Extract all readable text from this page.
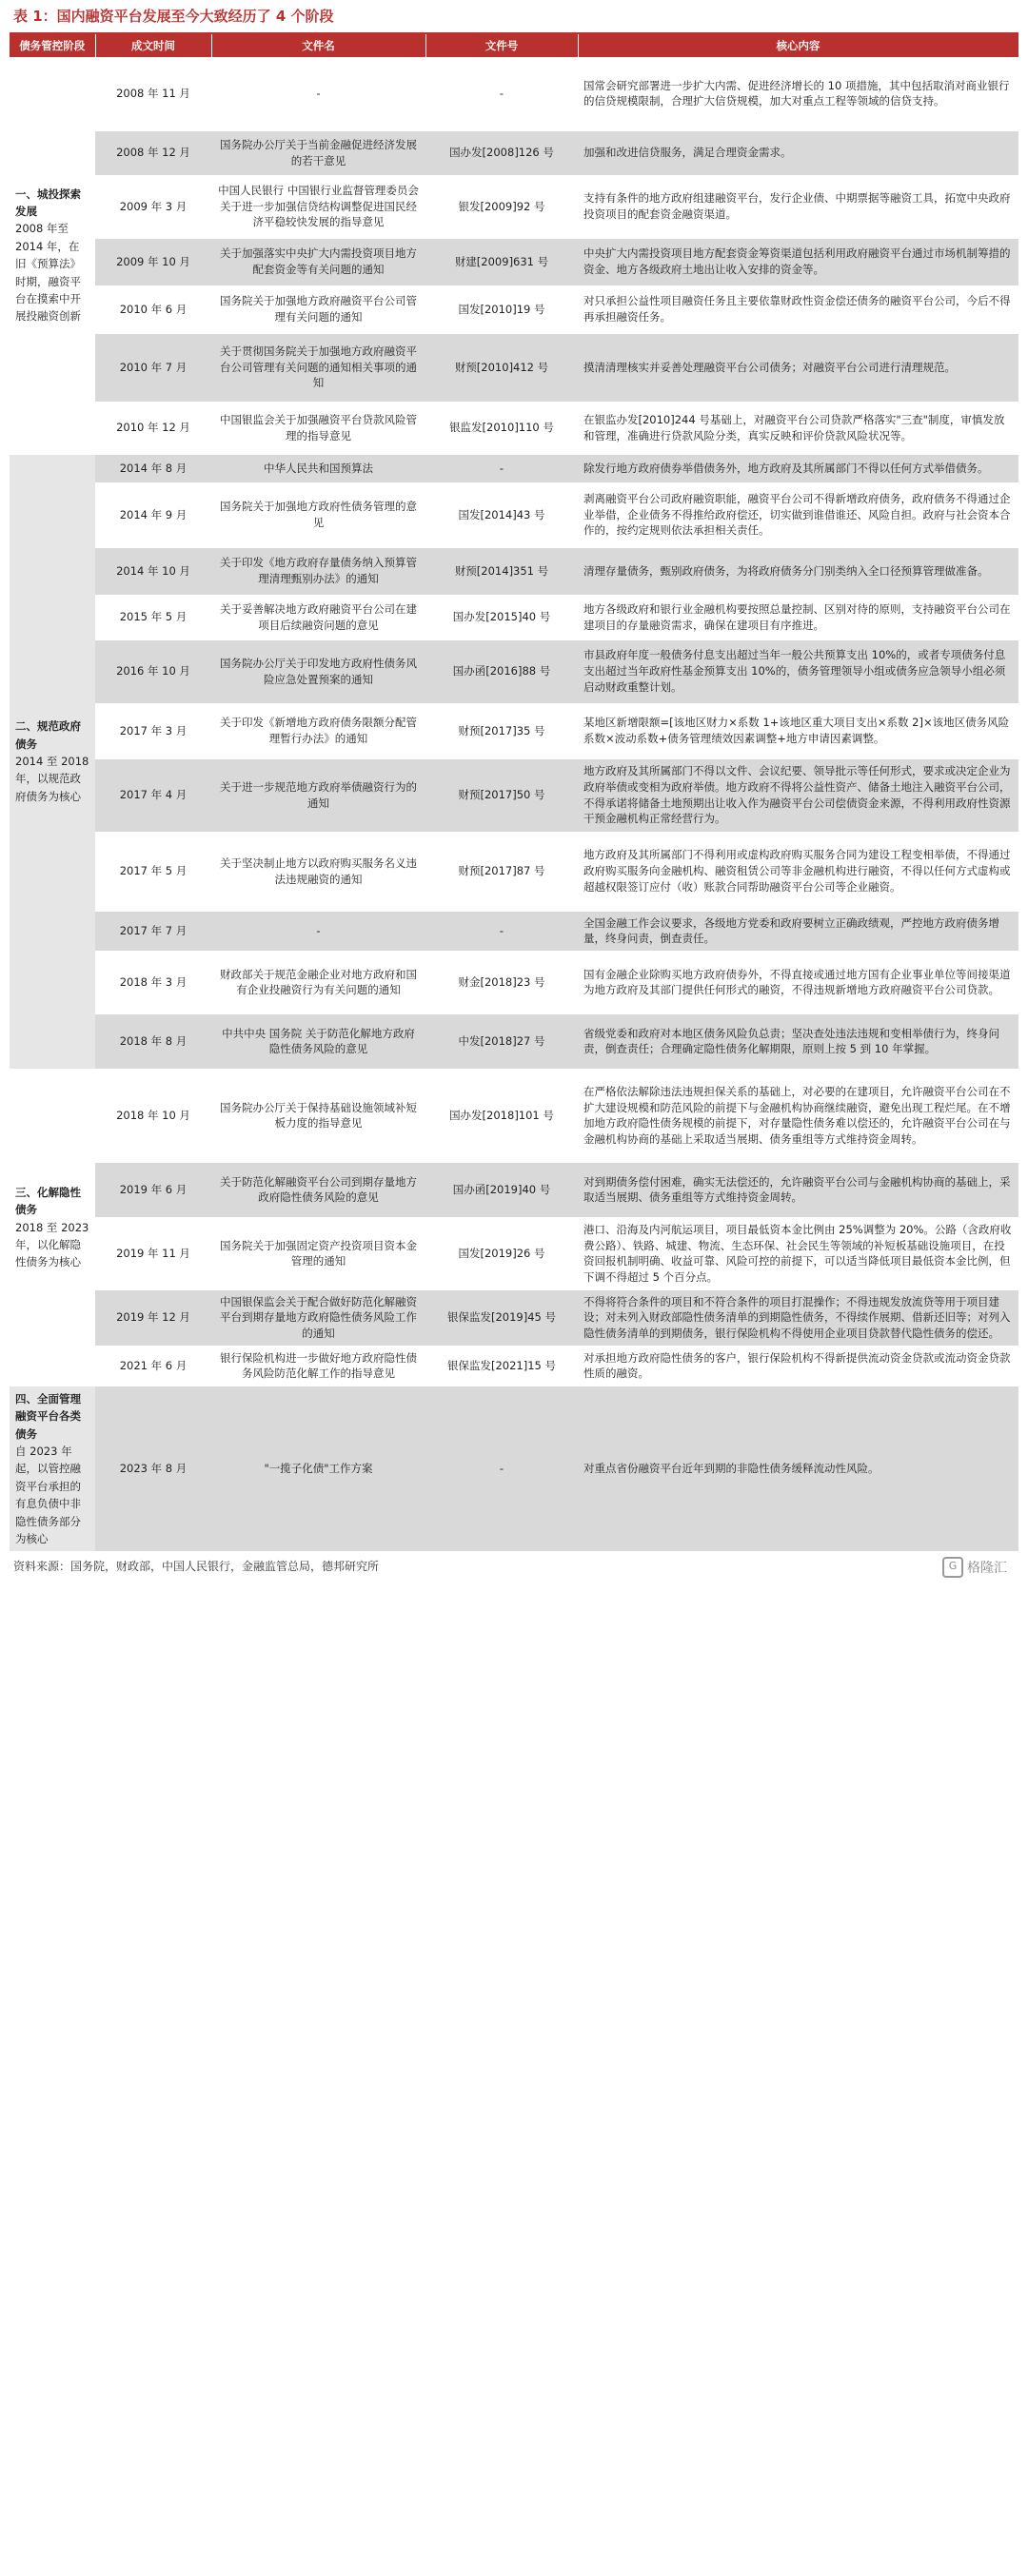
表 1：国内融资平台发展至今大致经历了 4 个阶段
债务管控阶段	成文时间	文件名	文件号	核心内容

一、城投探索发展
2008 年至 2014 年，在旧《预算法》时期，融资平台在摸索中开展投融资创新	2008 年 11 月	-	-	国常会研究部署进一步扩大内需、促进经济增长的 10 项措施，其中包括取消对商业银行的信贷规模限制，合理扩大信贷规模，加大对重点工程等领域的信贷支持。
	2008 年 12 月	国务院办公厅关于当前金融促进经济发展的若干意见	国办发[2008]126 号	加强和改进信贷服务，满足合理资金需求。
	2009 年 3 月	中国人民银行 中国银行业监督管理委员会 关于进一步加强信贷结构调整促进国民经济平稳较快发展的指导意见	银发[2009]92 号	支持有条件的地方政府组建融资平台，发行企业债、中期票据等融资工具，拓宽中央政府投资项目的配套资金融资渠道。
	2009 年 10 月	关于加强落实中央扩大内需投资项目地方配套资金等有关问题的通知	财建[2009]631 号	中央扩大内需投资项目地方配套资金筹资渠道包括利用政府融资平台通过市场机制筹措的资金、地方各级政府土地出让收入安排的资金等。
	2010 年 6 月	国务院关于加强地方政府融资平台公司管理有关问题的通知	国发[2010]19 号	对只承担公益性项目融资任务且主要依靠财政性资金偿还债务的融资平台公司，今后不得再承担融资任务。
	2010 年 7 月	关于贯彻国务院关于加强地方政府融资平台公司管理有关问题的通知相关事项的通知	财预[2010]412 号	摸清清理核实并妥善处理融资平台公司债务；对融资平台公司进行清理规范。
	2010 年 12 月	中国银监会关于加强融资平台贷款风险管理的指导意见	银监发[2010]110 号	在银监办发[2010]244 号基础上，对融资平台公司贷款严格落实"三查"制度，审慎发放和管理，准确进行贷款风险分类，真实反映和评价贷款风险状况等。

二、规范政府债务
2014 至 2018 年，以规范政府债务为核心	2014 年 8 月	中华人民共和国预算法	-	除发行地方政府债券举借债务外，地方政府及其所属部门不得以任何方式举借债务。
	2014 年 9 月	国务院关于加强地方政府性债务管理的意见	国发[2014]43 号	剥离融资平台公司政府融资职能，融资平台公司不得新增政府债务，政府债务不得通过企业举借，企业债务不得推给政府偿还，切实做到谁借谁还、风险自担。政府与社会资本合作的，按约定规则依法承担相关责任。
	2014 年 10 月	关于印发《地方政府存量债务纳入预算管理清理甄别办法》的通知	财预[2014]351 号	清理存量债务，甄别政府债务，为将政府债务分门别类纳入全口径预算管理做准备。
	2015 年 5 月	关于妥善解决地方政府融资平台公司在建项目后续融资问题的意见	国办发[2015]40 号	地方各级政府和银行业金融机构要按照总量控制、区别对待的原则，支持融资平台公司在建项目的存量融资需求，确保在建项目有序推进。
	2016 年 10 月	国务院办公厅关于印发地方政府性债务风险应急处置预案的通知	国办函[2016]88 号	市县政府年度一般债务付息支出超过当年一般公共预算支出 10%的，或者专项债务付息支出超过当年政府性基金预算支出 10%的，债务管理领导小组或债务应急领导小组必须启动财政重整计划。
	2017 年 3 月	关于印发《新增地方政府债务限额分配管理暂行办法》的通知	财预[2017]35 号	某地区新增限额=[该地区财力×系数 1+该地区重大项目支出×系数 2]×该地区债务风险系数×波动系数+债务管理绩效因素调整+地方申请因素调整。
	2017 年 4 月	关于进一步规范地方政府举债融资行为的通知	财预[2017]50 号	地方政府及其所属部门不得以文件、会议纪要、领导批示等任何形式，要求或决定企业为政府举债或变相为政府举债。地方政府不得将公益性资产、储备土地注入融资平台公司，不得承诺将储备土地预期出让收入作为融资平台公司偿债资金来源，不得利用政府性资源干预金融机构正常经营行为。
	2017 年 5 月	关于坚决制止地方以政府购买服务名义违法违规融资的通知	财预[2017]87 号	地方政府及其所属部门不得利用或虚构政府购买服务合同为建设工程变相举债，不得通过政府购买服务向金融机构、融资租赁公司等非金融机构进行融资，不得以任何方式虚构或超越权限签订应付（收）账款合同帮助融资平台公司等企业融资。
	2017 年 7 月	-	-	全国金融工作会议要求，各级地方党委和政府要树立正确政绩观，严控地方政府债务增量，终身问责，倒查责任。
	2018 年 3 月	财政部关于规范金融企业对地方政府和国有企业投融资行为有关问题的通知	财金[2018]23 号	国有金融企业除购买地方政府债券外，不得直接或通过地方国有企业事业单位等间接渠道为地方政府及其部门提供任何形式的融资，不得违规新增地方政府融资平台公司贷款。
	2018 年 8 月	中共中央 国务院 关于防范化解地方政府隐性债务风险的意见	中发[2018]27 号	省级党委和政府对本地区债务风险负总责；坚决查处违法违规和变相举债行为，终身问责，倒查责任；合理确定隐性债务化解期限，原则上按 5 到 10 年掌握。

三、化解隐性债务
2018 至 2023 年，以化解隐性债务为核心	2018 年 10 月	国务院办公厅关于保持基础设施领域补短板力度的指导意见	国办发[2018]101 号	在严格依法解除违法违规担保关系的基础上，对必要的在建项目，允许融资平台公司在不扩大建设规模和防范风险的前提下与金融机构协商继续融资，避免出现工程烂尾。在不增加地方政府隐性债务规模的前提下，对存量隐性债务难以偿还的，允许融资平台公司在与金融机构协商的基础上采取适当展期、债务重组等方式维持资金周转。
	2019 年 6 月	关于防范化解融资平台公司到期存量地方政府隐性债务风险的意见	国办函[2019]40 号	对到期债务偿付困难，确实无法偿还的，允许融资平台公司与金融机构协商的基础上，采取适当展期、债务重组等方式维持资金周转。
	2019 年 11 月	国务院关于加强固定资产投资项目资本金管理的通知	国发[2019]26 号	港口、沿海及内河航运项目，项目最低资本金比例由 25%调整为 20%。公路（含政府收费公路）、铁路、城建、物流、生态环保、社会民生等领域的补短板基础设施项目，在投资回报机制明确、收益可靠、风险可控的前提下，可以适当降低项目最低资本金比例，但下调不得超过 5 个百分点。
	2019 年 12 月	中国银保监会关于配合做好防范化解融资平台到期存量地方政府隐性债务风险工作的通知	银保监发[2019]45 号	不得将符合条件的项目和不符合条件的项目打混操作；不得违规发放流贷等用于项目建设；对未列入财政部隐性债务清单的到期隐性债务，不得续作展期、借新还旧等；对列入隐性债务清单的到期债务，银行保险机构不得使用企业项目贷款替代隐性债务的偿还。
	2021 年 6 月	银行保险机构进一步做好地方政府隐性债务风险防范化解工作的指导意见	银保监发[2021]15 号	对承担地方政府隐性债务的客户，银行保险机构不得新提供流动资金贷款或流动资金贷款性质的融资。

四、全面管理融资平台各类债务
自 2023 年起，以管控融资平台承担的有息负债中非隐性债务部分为核心	2023 年 8 月	"一揽子化债"工作方案	-	对重点省份融资平台近年到期的非隐性债务缓释流动性风险。
资料来源：国务院，财政部，中国人民银行，金融监管总局，德邦研究所	G 格隆汇
